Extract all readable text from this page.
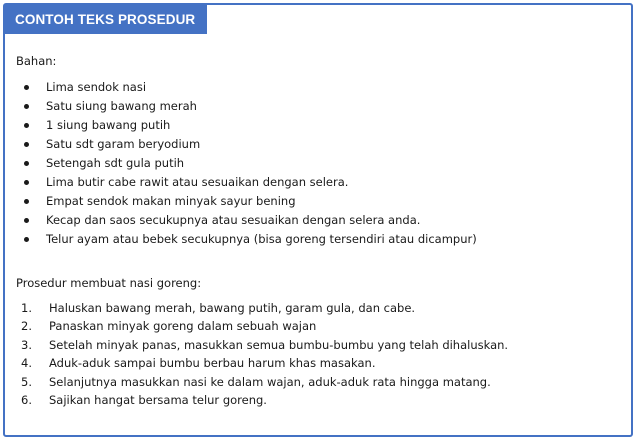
CONTOH TEKS PROSEDUR
Bahan:
Lima sendok nasi
Satu siung bawang merah
1 siung bawang putih
Satu sdt garam beryodium
Setengah sdt gula putih
Lima butir cabe rawit atau sesuaikan dengan selera.
Empat sendok makan minyak sayur bening
Kecap dan saos secukupnya atau sesuaikan dengan selera anda.
Telur ayam atau bebek secukupnya (bisa goreng tersendiri atau dicampur)
Prosedur membuat nasi goreng:
1. Haluskan bawang merah, bawang putih, garam gula, dan cabe.
2. Panaskan minyak goreng dalam sebuah wajan
3. Setelah minyak panas, masukkan semua bumbu-bumbu yang telah dihaluskan.
4. Aduk-aduk sampai bumbu berbau harum khas masakan.
5. Selanjutnya masukkan nasi ke dalam wajan, aduk-aduk rata hingga matang.
6. Sajikan hangat bersama telur goreng.
